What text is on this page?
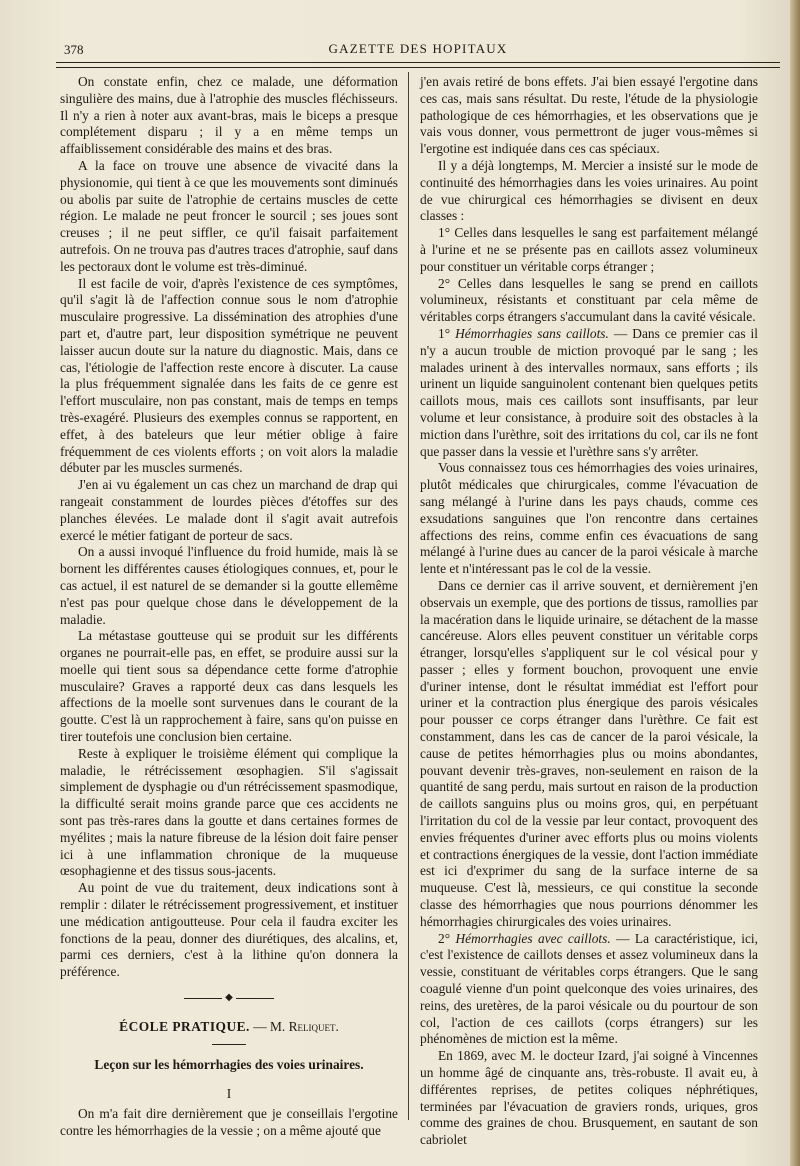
378	GAZETTE DES HOPITAUX

On constate enfin, chez ce malade, une déformation singulière des mains, due à l'atrophie des muscles fléchisseurs. Il n'y a rien à noter aux avant-bras, mais le biceps a presque complétement disparu ; il y a en même temps un affaiblissement considérable des mains et des bras.

A la face on trouve une absence de vivacité dans la physionomie, qui tient à ce que les mouvements sont diminués ou abolis par suite de l'atrophie de certains muscles de cette région. Le malade ne peut froncer le sourcil ; ses joues sont creuses ; il ne peut siffler, ce qu'il faisait parfaitement autrefois. On ne trouva pas d'autres traces d'atrophie, sauf dans les pectoraux dont le volume est très-diminué.

Il est facile de voir, d'après l'existence de ces symptômes, qu'il s'agit là de l'affection connue sous le nom d'atrophie musculaire progressive. La dissémination des atrophies d'une part et, d'autre part, leur disposition symétrique ne peuvent laisser aucun doute sur la nature du diagnostic. Mais, dans ce cas, l'étiologie de l'affection reste encore à discuter. La cause la plus fréquemment signalée dans les faits de ce genre est l'effort musculaire, non pas constant, mais de temps en temps très-exagéré. Plusieurs des exemples connus se rapportent, en effet, à des bateleurs que leur métier oblige à faire fréquemment de ces violents efforts ; on voit alors la maladie débuter par les muscles surmenés.

J'en ai vu également un cas chez un marchand de drap qui rangeait constamment de lourdes pièces d'étoffes sur des planches élevées. Le malade dont il s'agit avait autrefois exercé le métier fatigant de porteur de sacs.

On a aussi invoqué l'influence du froid humide, mais là se bornent les différentes causes étiologiques connues, et, pour le cas actuel, il est naturel de se demander si la goutte ellemême n'est pas pour quelque chose dans le développement de la maladie.

La métastase goutteuse qui se produit sur les différents organes ne pourrait-elle pas, en effet, se produire aussi sur la moelle qui tient sous sa dépendance cette forme d'atrophie musculaire? Graves a rapporté deux cas dans lesquels les affections de la moelle sont survenues dans le courant de la goutte. C'est là un rapprochement à faire, sans qu'on puisse en tirer toutefois une conclusion bien certaine.

Reste à expliquer le troisième élément qui complique la maladie, le rétrécissement œsophagien. S'il s'agissait simplement de dysphagie ou d'un rétrécissement spasmodique, la difficulté serait moins grande parce que ces accidents ne sont pas très-rares dans la goutte et dans certaines formes de myélites ; mais la nature fibreuse de la lésion doit faire penser ici à une inflammation chronique de la muqueuse œsophagienne et des tissus sous-jacents.

Au point de vue du traitement, deux indications sont à remplir : dilater le rétrécissement progressivement, et instituer une médication antigoutteuse. Pour cela il faudra exciter les fonctions de la peau, donner des diurétiques, des alcalins, et, parmi ces derniers, c'est à la lithine qu'on donnera la préférence.

◆
ÉCOLE PRATIQUE. — M. Reliquet.
Leçon sur les hémorrhagies des voies urinaires.
I

On m'a fait dire dernièrement que je conseillais l'ergotine contre les hémorrhagies de la vessie ; on a même ajouté que

j'en avais retiré de bons effets. J'ai bien essayé l'ergotine dans ces cas, mais sans résultat. Du reste, l'étude de la physiologie pathologique de ces hémorrhagies, et les observations que je vais vous donner, vous permettront de juger vous-mêmes si l'ergotine est indiquée dans ces cas spéciaux.

Il y a déjà longtemps, M. Mercier a insisté sur le mode de continuité des hémorrhagies dans les voies urinaires. Au point de vue chirurgical ces hémorrhagies se divisent en deux classes :

1° Celles dans lesquelles le sang est parfaitement mélangé à l'urine et ne se présente pas en caillots assez volumineux pour constituer un véritable corps étranger ;

2° Celles dans lesquelles le sang se prend en caillots volumineux, résistants et constituant par cela même de véritables corps étrangers s'accumulant dans la cavité vésicale.

1° Hémorrhagies sans caillots. — Dans ce premier cas il n'y a aucun trouble de miction provoqué par le sang ; les malades urinent à des intervalles normaux, sans efforts ; ils urinent un liquide sanguinolent contenant bien quelques petits caillots mous, mais ces caillots sont insuffisants, par leur volume et leur consistance, à produire soit des obstacles à la miction dans l'urèthre, soit des irritations du col, car ils ne font que passer dans la vessie et l'urèthre sans s'y arrêter.

Vous connaissez tous ces hémorrhagies des voies urinaires, plutôt médicales que chirurgicales, comme l'évacuation de sang mélangé à l'urine dans les pays chauds, comme ces exsudations sanguines que l'on rencontre dans certaines affections des reins, comme enfin ces évacuations de sang mélangé à l'urine dues au cancer de la paroi vésicale à marche lente et n'intéressant pas le col de la vessie.

Dans ce dernier cas il arrive souvent, et dernièrement j'en observais un exemple, que des portions de tissus, ramollies par la macération dans le liquide urinaire, se détachent de la masse cancéreuse. Alors elles peuvent constituer un véritable corps étranger, lorsqu'elles s'appliquent sur le col vésical pour y passer ; elles y forment bouchon, provoquent une envie d'uriner intense, dont le résultat immédiat est l'effort pour uriner et la contraction plus énergique des parois vésicales pour pousser ce corps étranger dans l'urèthre. Ce fait est constamment, dans les cas de cancer de la paroi vésicale, la cause de petites hémorrhagies plus ou moins abondantes, pouvant devenir très-graves, non-seulement en raison de la quantité de sang perdu, mais surtout en raison de la production de caillots sanguins plus ou moins gros, qui, en perpétuant l'irritation du col de la vessie par leur contact, provoquent des envies fréquentes d'uriner avec efforts plus ou moins violents et contractions énergiques de la vessie, dont l'action immédiate est ici d'exprimer du sang de la surface interne de sa muqueuse. C'est là, messieurs, ce qui constitue la seconde classe des hémorrhagies que nous pourrions dénommer les hémorrhagies chirurgicales des voies urinaires.

2° Hémorrhagies avec caillots. — La caractéristique, ici, c'est l'existence de caillots denses et assez volumineux dans la vessie, constituant de véritables corps étrangers. Que le sang coagulé vienne d'un point quelconque des voies urinaires, des reins, des uretères, de la paroi vésicale ou du pourtour de son col, l'action de ces caillots (corps étrangers) sur les phénomènes de miction est la même.

En 1869, avec M. le docteur Izard, j'ai soigné à Vincennes un homme âgé de cinquante ans, très-robuste. Il avait eu, à différentes reprises, de petites coliques néphrétiques, terminées par l'évacuation de graviers ronds, uriques, gros comme des graines de chou. Brusquement, en sautant de son cabriolet
